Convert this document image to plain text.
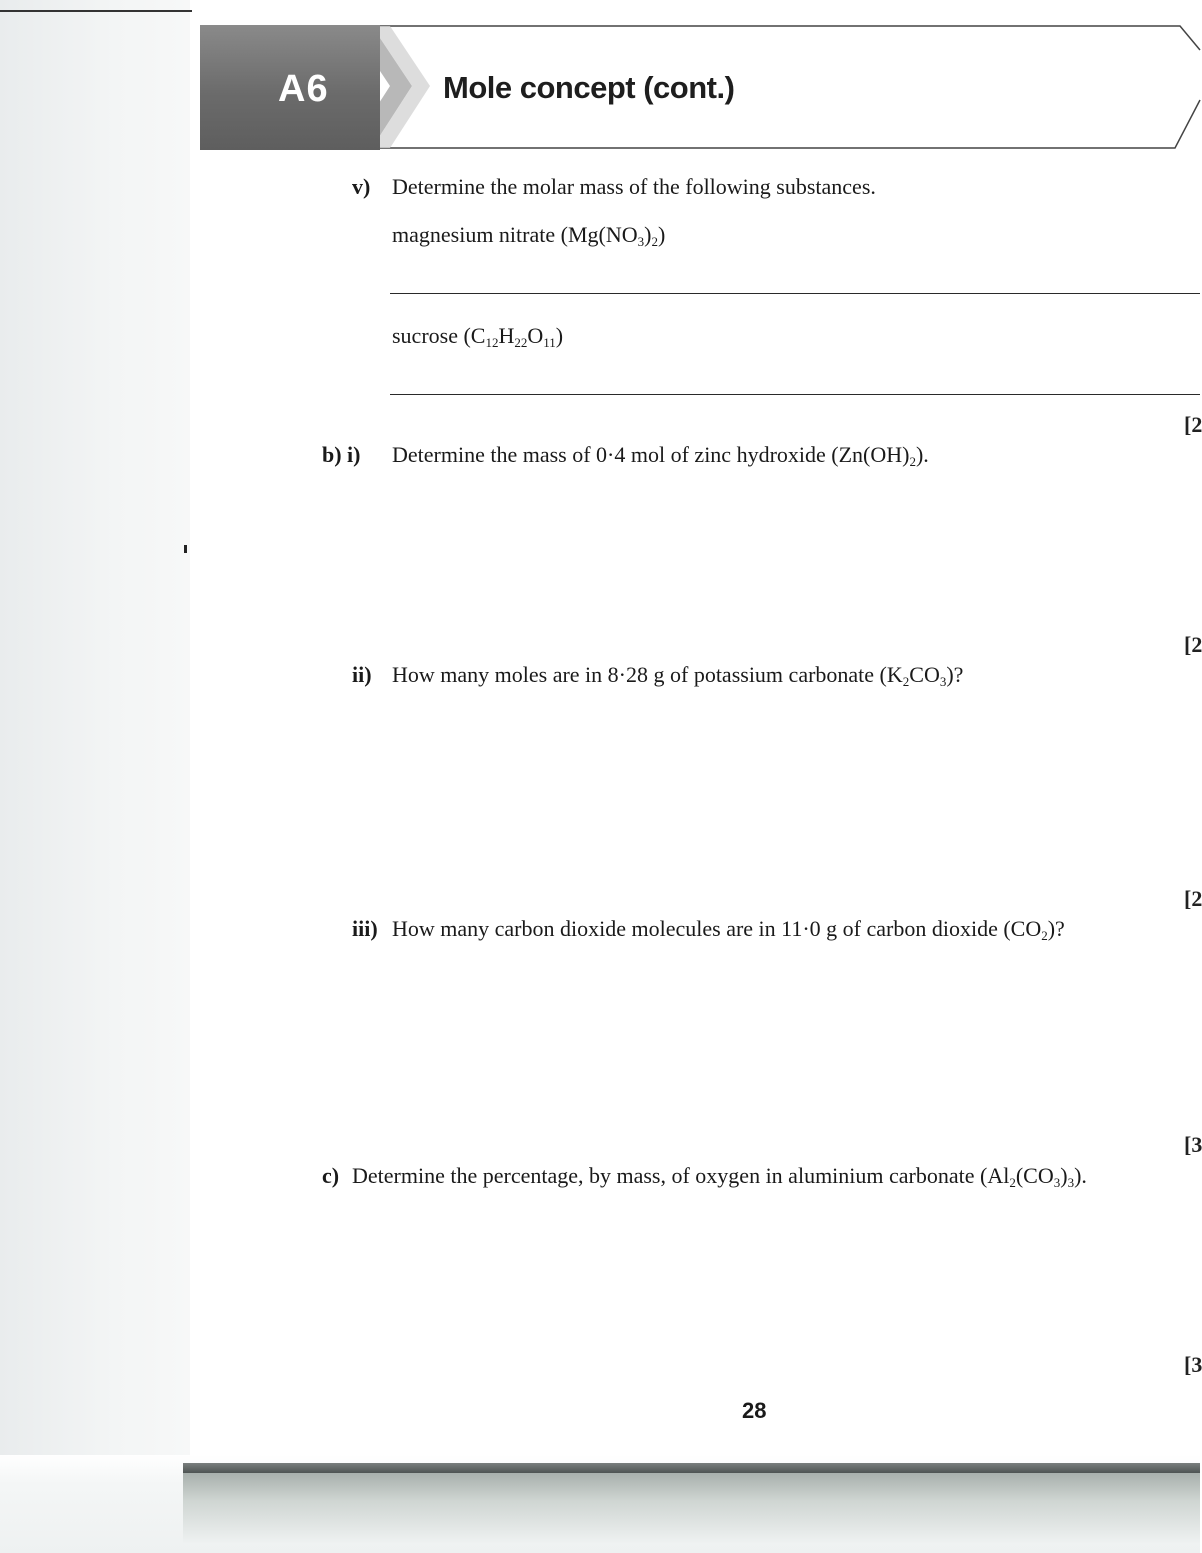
A6	Mole concept (cont.)
v) Determine the molar mass of the following substances.
magnesium nitrate $(Mg(NO_3)_2)$
sucrose $(C_{12}H_{22}O_{11})$
[2
b) i) Determine the mass of 0·4 mol of zinc hydroxide $(Zn(OH)_2)$.
[2
ii) How many moles are in 8·28 g of potassium carbonate $(K_2CO_3)$?
[2
iii) How many carbon dioxide molecules are in 11·0 g of carbon dioxide $(CO_2)$?
[3
c) Determine the percentage, by mass, of oxygen in aluminium carbonate $(Al_2(CO_3)_3)$.
[3
28
